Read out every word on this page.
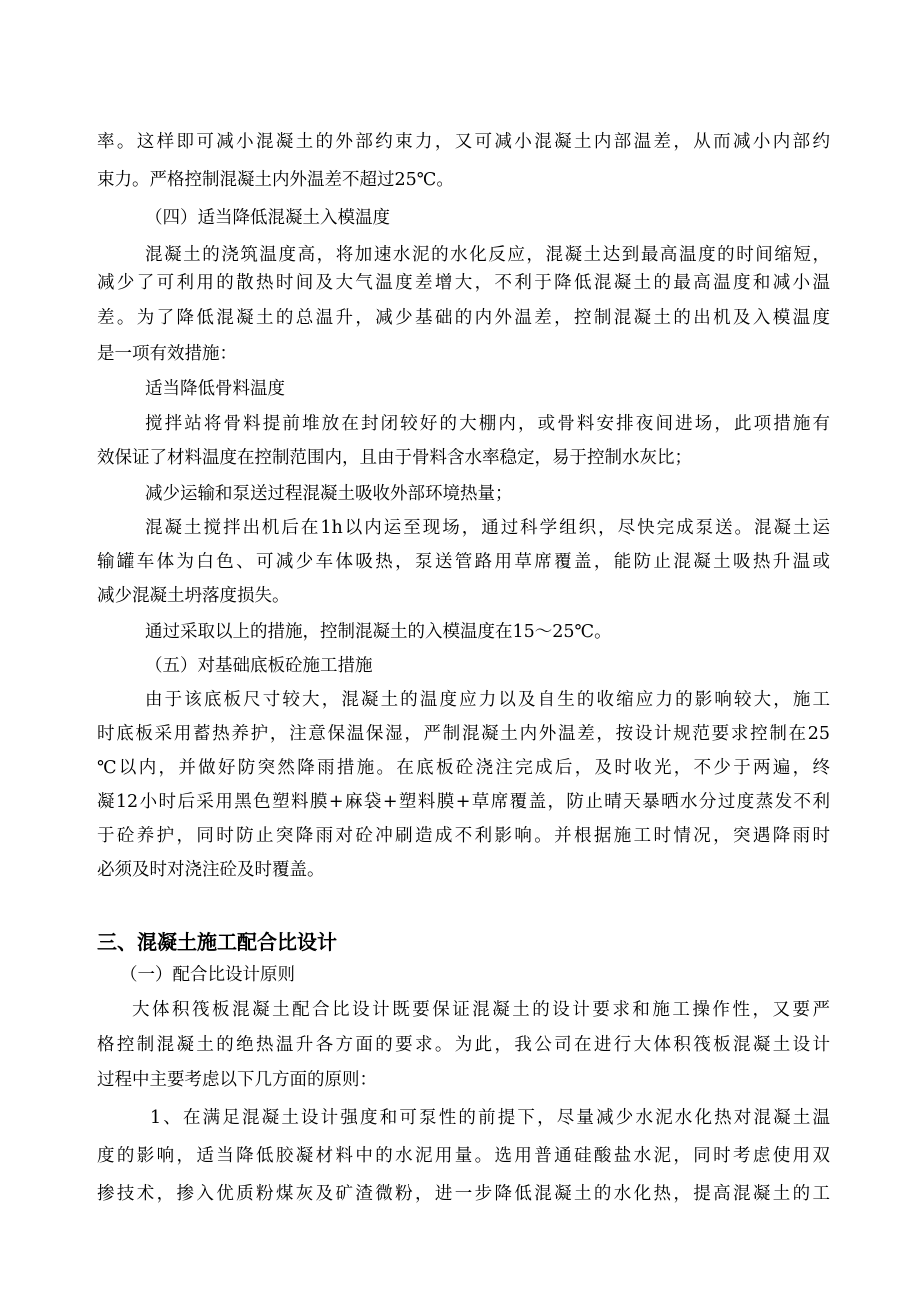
率。这样即可减小混凝土的外部约束力，又可减小混凝土内部温差，从而减小内部约
束力。严格控制混凝土内外温差不超过25℃。
（四）适当降低混凝土入模温度
混凝土的浇筑温度高，将加速水泥的水化反应，混凝土达到最高温度的时间缩短，
减少了可利用的散热时间及大气温度差增大，不利于降低混凝土的最高温度和减小温
差。为了降低混凝土的总温升，减少基础的内外温差，控制混凝土的出机及入模温度
是一项有效措施：
适当降低骨料温度
搅拌站将骨料提前堆放在封闭较好的大棚内，或骨料安排夜间进场，此项措施有
效保证了材料温度在控制范围内，且由于骨料含水率稳定，易于控制水灰比；
减少运输和泵送过程混凝土吸收外部环境热量；
混凝土搅拌出机后在1h以内运至现场，通过科学组织，尽快完成泵送。混凝土运
输罐车体为白色、可减少车体吸热，泵送管路用草席覆盖，能防止混凝土吸热升温或
减少混凝土坍落度损失。
通过采取以上的措施，控制混凝土的入模温度在15～25℃。
（五）对基础底板砼施工措施
由于该底板尺寸较大，混凝土的温度应力以及自生的收缩应力的影响较大，施工
时底板采用蓄热养护，注意保温保湿，严制混凝土内外温差，按设计规范要求控制在25
℃以内，并做好防突然降雨措施。在底板砼浇注完成后，及时收光，不少于两遍，终
凝12小时后采用黑色塑料膜+麻袋+塑料膜+草席覆盖，防止晴天暴晒水分过度蒸发不利
于砼养护，同时防止突降雨对砼冲刷造成不利影响。并根据施工时情况，突遇降雨时
必须及时对浇注砼及时覆盖。
三、混凝土施工配合比设计
（一）配合比设计原则
大体积筏板混凝土配合比设计既要保证混凝土的设计要求和施工操作性，又要严
格控制混凝土的绝热温升各方面的要求。为此，我公司在进行大体积筏板混凝土设计
过程中主要考虑以下几方面的原则：
1、在满足混凝土设计强度和可泵性的前提下，尽量减少水泥水化热对混凝土温
度的影响，适当降低胶凝材料中的水泥用量。选用普通硅酸盐水泥，同时考虑使用双
掺技术，掺入优质粉煤灰及矿渣微粉，进一步降低混凝土的水化热，提高混凝土的工
